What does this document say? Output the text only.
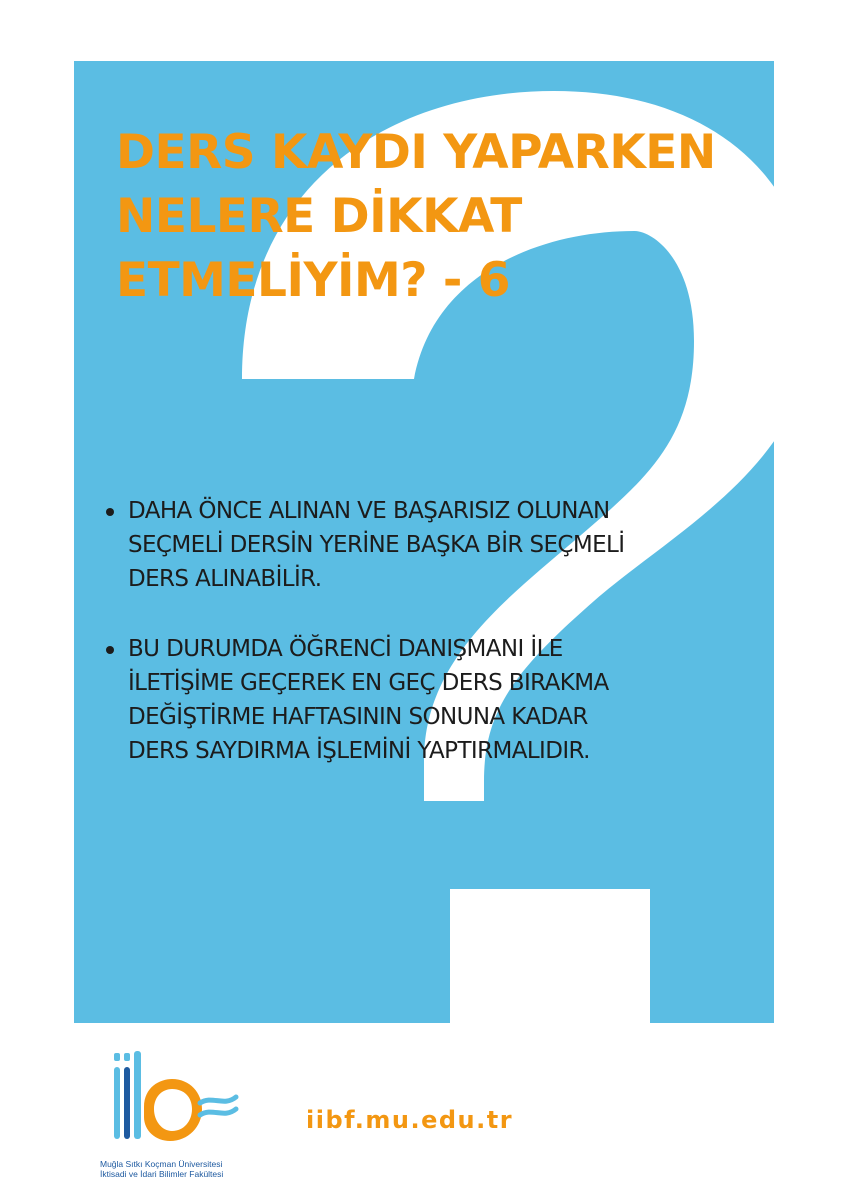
DERS KAYDI YAPARKEN
NELERE DİKKAT
ETMELİYİM? - 6
DAHA ÖNCE ALINAN VE BAŞARISIZ OLUNAN
SEÇMELİ DERSİN YERİNE BAŞKA BİR SEÇMELİ
DERS ALINABİLİR.
BU DURUMDA ÖĞRENCİ DANIŞMANI İLE
İLETİŞİME GEÇEREK EN GEÇ DERS BIRAKMA
DEĞİŞTİRME HAFTASININ SONUNA KADAR
DERS SAYDIRMA İŞLEMİNİ YAPTIRMALIDIR.
Muğla Sıtkı Koçman Üniversitesi
İktisadi ve İdari Bilimler Fakültesi
iibf.mu.edu.tr
